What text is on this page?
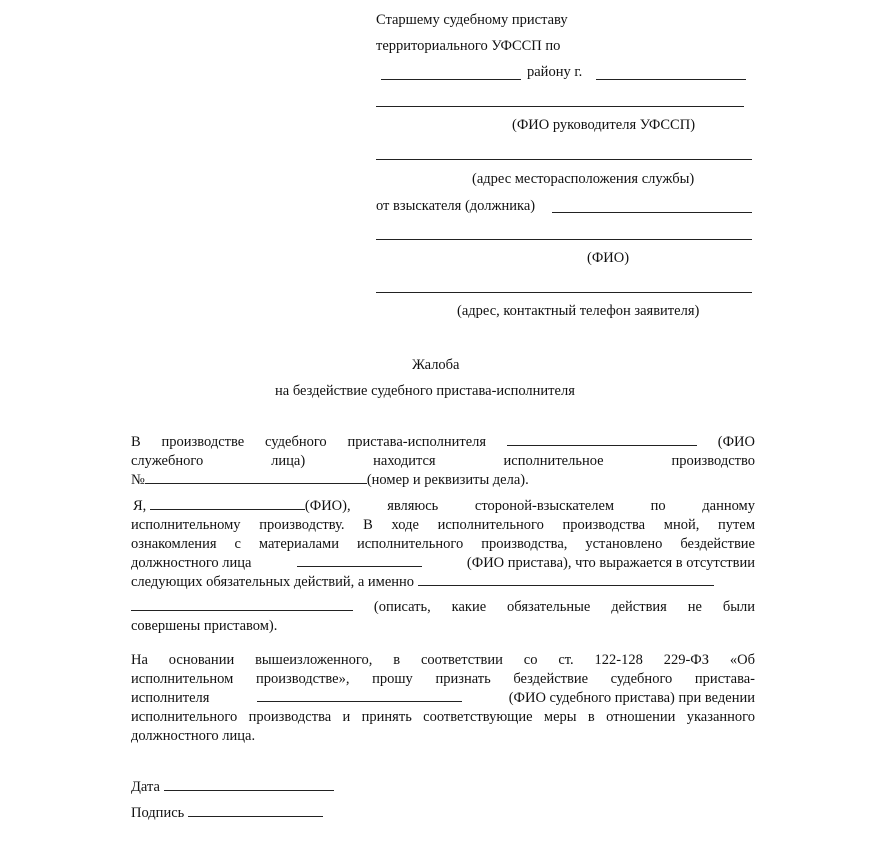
Старшему судебному приставу
территориального УФССП по
району г.
(ФИО руководителя УФССП)
(адрес месторасположения службы)
от взыскателя (должника)
(ФИО)
(адрес, контактный телефон заявителя)
Жалоба
на бездействие судебного пристава-исполнителя
В производстве судебного пристава-исполнителя	(ФИО
служебного	лица)	находится	исполнительное	производство
№	(номер и реквизиты дела).
Я,	(ФИО),	являюсь	стороной-взыскателем	по	данному
исполнительному производству. В ходе исполнительного производства мной, путем
ознакомления с материалами исполнительного производства, установлено бездействие
должностного лица	(ФИО пристава), что выражается в отсутствии
следующих обязательных действий, а именно
(описать, какие обязательные действия не были
совершены приставом).
На основании вышеизложенного, в соответствии со ст. 122-128 229-ФЗ «Об
исполнительном производстве», прошу признать бездействие судебного пристава-
исполнителя	(ФИО судебного пристава) при ведении
исполнительного производства и принять соответствующие меры в отношении указанного
должностного лица.
Дата
Подпись
